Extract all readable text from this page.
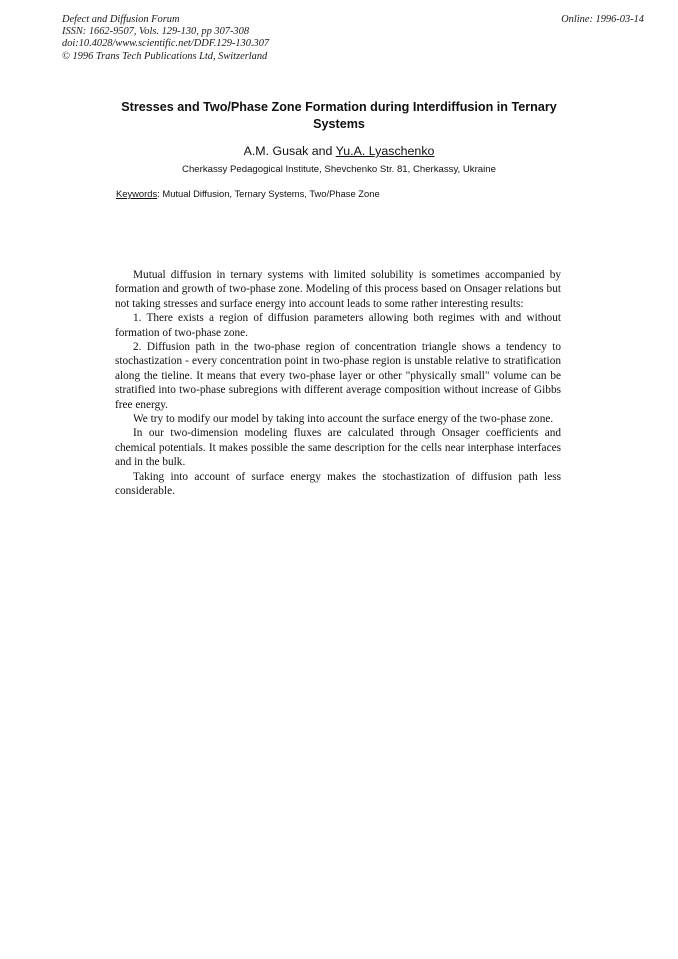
Defect and Diffusion Forum
ISSN: 1662-9507, Vols. 129-130, pp 307-308
doi:10.4028/www.scientific.net/DDF.129-130.307
© 1996 Trans Tech Publications Ltd, Switzerland
Online: 1996-03-14
Stresses and Two/Phase Zone Formation during Interdiffusion in Ternary Systems
A.M. Gusak and Yu.A. Lyaschenko
Cherkassy Pedagogical Institute, Shevchenko Str. 81, Cherkassy, Ukraine
Keywords: Mutual Diffusion, Ternary Systems, Two/Phase Zone

Mutual diffusion in ternary systems with limited solubility is sometimes accompanied by formation and growth of two-phase zone. Modeling of this process based on Onsager relations but not taking stresses and surface energy into account leads to some rather interesting results:

1. There exists a region of diffusion parameters allowing both regimes with and without formation of two-phase zone.

2. Diffusion path in the two-phase region of concentration triangle shows a tendency to stochastization - every concentration point in two-phase region is unstable relative to stratification along the tieline. It means that every two-phase layer or other "physically small" volume can be stratified into two-phase subregions with different average composition without increase of Gibbs free energy.

We try to modify our model by taking into account the surface energy of the two-phase zone.

In our two-dimension modeling fluxes are calculated through Onsager coefficients and chemical potentials. It makes possible the same description for the cells near interphase interfaces and in the bulk.

Taking into account of surface energy makes the stochastization of diffusion path less considerable.
